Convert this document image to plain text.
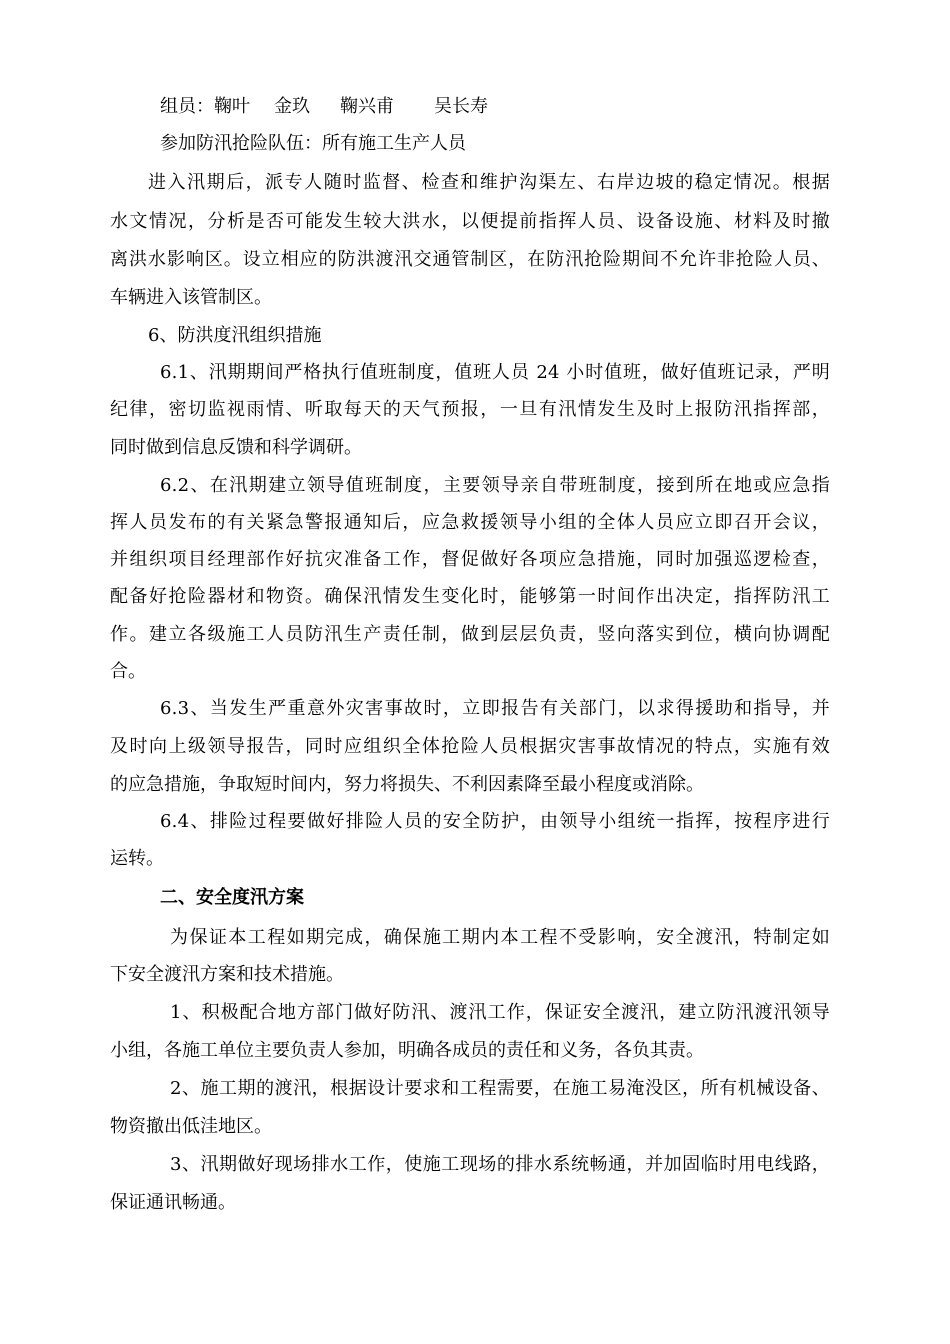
组员：鞠叶 金玖 鞠兴甫 吴长寿
参加防汛抢险队伍：所有施工生产人员
进入汛期后，派专人随时监督、检查和维护沟渠左、右岸边坡的稳定情况。根据
水文情况，分析是否可能发生较大洪水，以便提前指挥人员、设备设施、材料及时撤
离洪水影响区。设立相应的防洪渡汛交通管制区，在防汛抢险期间不允许非抢险人员、
车辆进入该管制区。
6、防洪度汛组织措施
6.1、汛期期间严格执行值班制度，值班人员 24 小时值班，做好值班记录，严明
纪律，密切监视雨情、听取每天的天气预报，一旦有汛情发生及时上报防汛指挥部，
同时做到信息反馈和科学调研。
6.2、在汛期建立领导值班制度，主要领导亲自带班制度，接到所在地或应急指
挥人员发布的有关紧急警报通知后，应急救援领导小组的全体人员应立即召开会议，
并组织项目经理部作好抗灾准备工作，督促做好各项应急措施，同时加强巡逻检查，
配备好抢险器材和物资。确保汛情发生变化时，能够第一时间作出决定，指挥防汛工
作。建立各级施工人员防汛生产责任制，做到层层负责，竖向落实到位，横向协调配
合。
6.3、当发生严重意外灾害事故时，立即报告有关部门，以求得援助和指导，并
及时向上级领导报告，同时应组织全体抢险人员根据灾害事故情况的特点，实施有效
的应急措施，争取短时间内，努力将损失、不利因素降至最小程度或消除。
6.4、排险过程要做好排险人员的安全防护，由领导小组统一指挥，按程序进行
运转。
二、安全度汛方案
为保证本工程如期完成，确保施工期内本工程不受影响，安全渡汛，特制定如
下安全渡汛方案和技术措施。
1、积极配合地方部门做好防汛、渡汛工作，保证安全渡汛，建立防汛渡汛领导
小组，各施工单位主要负责人参加，明确各成员的责任和义务，各负其责。
2、施工期的渡汛，根据设计要求和工程需要，在施工易淹没区，所有机械设备、
物资撤出低洼地区。
3、汛期做好现场排水工作，使施工现场的排水系统畅通，并加固临时用电线路，
保证通讯畅通。
